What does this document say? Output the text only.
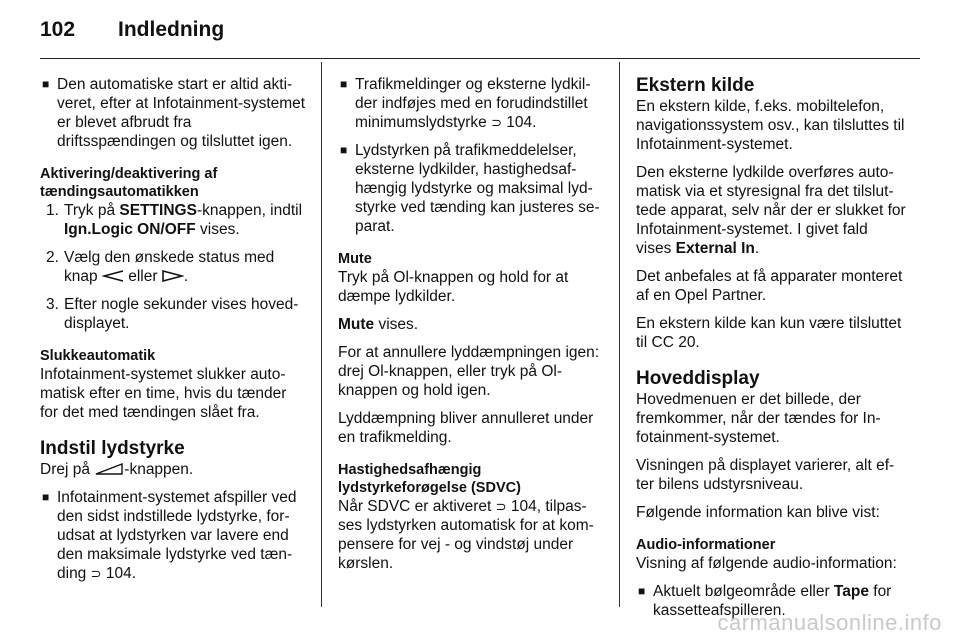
102	Indledning
■ Den automatiske start er altid aktiveret, efter at Infotainment-systemet er blevet afbrudt fra driftsspændingen og tilsluttet igen.
Aktivering/deaktivering af tændingsautomatikken
1. Tryk på SETTINGS-knappen, indtil Ign.Logic ON/OFF vises.
2. Vælg den ønskede status med knap  eller .
3. Efter nogle sekunder vises hoveddisplayet.
Slukkeautomatik
Infotainment-systemet slukker automatisk efter en time, hvis du tænder for det med tændingen slået fra.
Indstil lydstyrke
Drej på -knappen.
■ Infotainment-systemet afspiller ved den sidst indstillede lydstyrke, forudsat at lydstyrken var lavere end den maksimale lydstyrke ved tænding ⊃ 104.
■ Trafikmeldinger og eksterne lydkilder indføjes med en forudindstillet minimumslydstyrke ⊃ 104.
■ Lydstyrken på trafikmeddelelser, eksterne lydkilder, hastighedsafhængig lydstyrke og maksimal lydstyrke ved tænding kan justeres separat.
Mute
Tryk på Ol-knappen og hold for at dæmpe lydkilder.
Mute vises.
For at annullere lyddæmpningen igen: drej Ol-knappen, eller tryk på Ol-knappen og hold igen.
Lyddæmpning bliver annulleret under en trafikmelding.
Hastighedsafhængig lydstyrkeforøgelse (SDVC)
Når SDVC er aktiveret ⊃ 104, tilpasses lydstyrken automatisk for at kompensere for vej - og vindstøj under kørslen.
Ekstern kilde
En ekstern kilde, f.eks. mobiltelefon, navigationssystem osv., kan tilsluttes til Infotainment-systemet.
Den eksterne lydkilde overføres automatisk via et styresignal fra det tilsluttede apparat, selv når der er slukket for Infotainment-systemet. I givet fald vises External In.
Det anbefales at få apparater monteret af en Opel Partner.
En ekstern kilde kan kun være tilsluttet til CC 20.
Hoveddisplay
Hovedmenuen er det billede, der fremkommer, når der tændes for Infotainment-systemet.
Visningen på displayet varierer, alt efter bilens udstyrsniveau.
Følgende information kan blive vist:
Audio-informationer
Visning af følgende audio-information:
■ Aktuelt bølgeområde eller Tape for kassetteafspilleren.
carmanualsonline.info
